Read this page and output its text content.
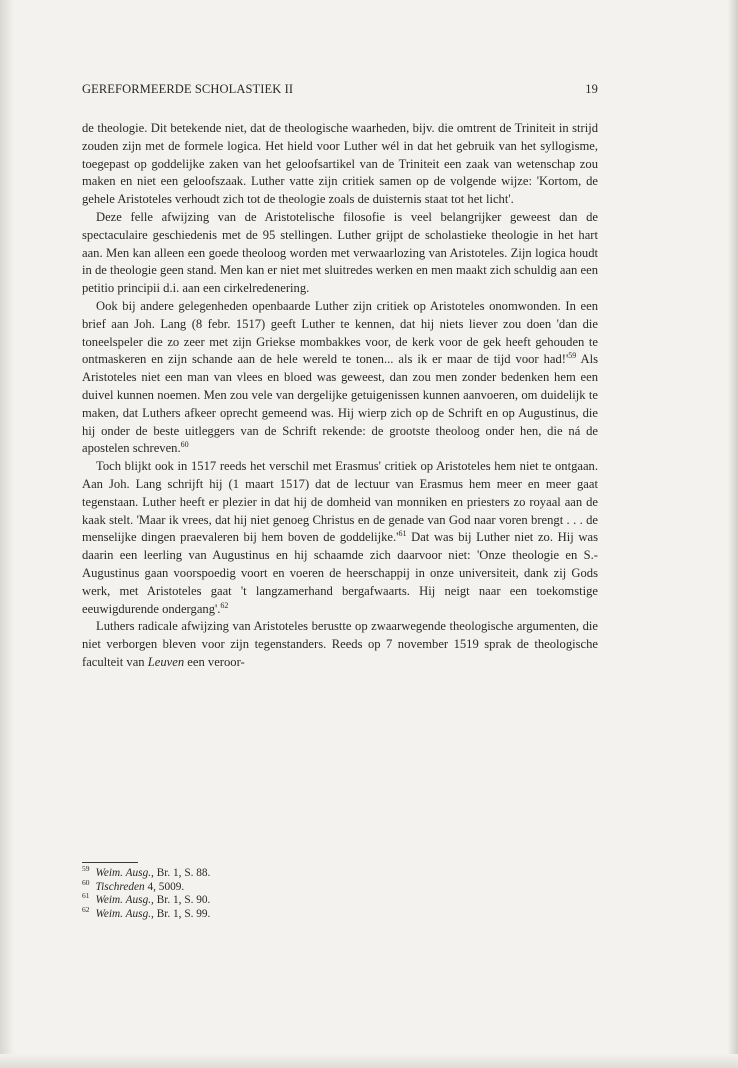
GEREFORMEERDE SCHOLASTIEK II	19

de theologie. Dit betekende niet, dat de theologische waarheden, bijv. die omtrent de Triniteit in strijd zouden zijn met de formele logica. Het hield voor Luther wél in dat het gebruik van het syllogisme, toegepast op goddelijke zaken van het geloofsartikel van de Triniteit een zaak van wetenschap zou maken en niet een geloofszaak. Luther vatte zijn critiek samen op de volgende wijze: 'Kortom, de gehele Aristoteles verhoudt zich tot de theologie zoals de duisternis staat tot het licht'.

Deze felle afwijzing van de Aristotelische filosofie is veel belangrijker geweest dan de spectaculaire geschiedenis met de 95 stellingen. Luther grijpt de scholastieke theologie in het hart aan. Men kan alleen een goede theoloog worden met verwaarlozing van Aristoteles. Zijn logica houdt in de theologie geen stand. Men kan er niet met sluitredes werken en men maakt zich schuldig aan een petitio principii d.i. aan een cirkelredenering.

Ook bij andere gelegenheden openbaarde Luther zijn critiek op Aristoteles onomwonden. In een brief aan Joh. Lang (8 febr. 1517) geeft Luther te kennen, dat hij niets liever zou doen 'dan die toneelspeler die zo zeer met zijn Griekse mombakkes voor, de kerk voor de gek heeft gehouden te ontmaskeren en zijn schande aan de hele wereld te tonen... als ik er maar de tijd voor had!'$^{59}$ Als Aristoteles niet een man van vlees en bloed was geweest, dan zou men zonder bedenken hem een duivel kunnen noemen. Men zou vele van dergelijke getuigenissen kunnen aanvoeren, om duidelijk te maken, dat Luthers afkeer oprecht gemeend was. Hij wierp zich op de Schrift en op Augustinus, die hij onder de beste uitleggers van de Schrift rekende: de grootste theoloog onder hen, die ná de apostelen schreven.$^{60}$

Toch blijkt ook in 1517 reeds het verschil met Erasmus' critiek op Aristoteles hem niet te ontgaan. Aan Joh. Lang schrijft hij (1 maart 1517) dat de lectuur van Erasmus hem meer en meer gaat tegenstaan. Luther heeft er plezier in dat hij de domheid van monniken en priesters zo royaal aan de kaak stelt. 'Maar ik vrees, dat hij niet genoeg Christus en de genade van God naar voren brengt . . . de menselijke dingen praevaleren bij hem boven de goddelijke.'$^{61}$ Dat was bij Luther niet zo. Hij was daarin een leerling van Augustinus en hij schaamde zich daarvoor niet: 'Onze theologie en S.-Augustinus gaan voorspoedig voort en voeren de heerschappij in onze universiteit, dank zij Gods werk, met Aristoteles gaat 't langzamerhand bergafwaarts. Hij neigt naar een toekomstige eeuwigdurende ondergang'.$^{62}$

Luthers radicale afwijzing van Aristoteles berustte op zwaarwegende theologische argumenten, die niet verborgen bleven voor zijn tegenstanders. Reeds op 7 november 1519 sprak de theologische faculteit van Leuven een veroor-

$^{59}$ Weim. Ausg., Br. 1, S. 88.
$^{60}$ Tischreden 4, 5009.
$^{61}$ Weim. Ausg., Br. 1, S. 90.
$^{62}$ Weim. Ausg., Br. 1, S. 99.
